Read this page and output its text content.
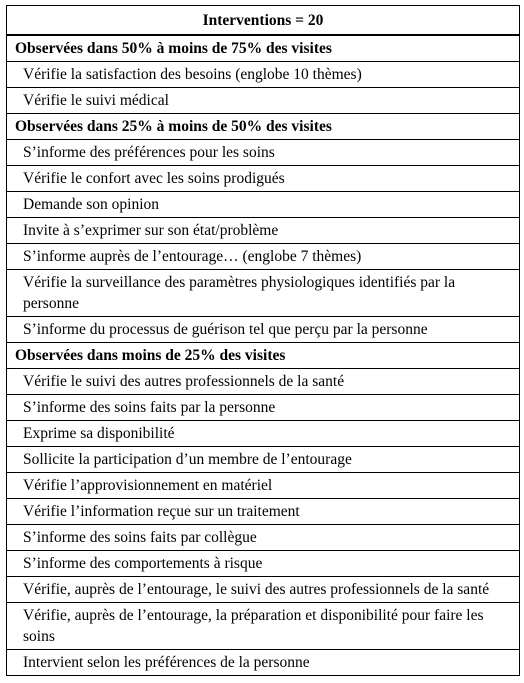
Interventions = 20
Observées dans 50% à moins de 75% des visites
Vérifie la satisfaction des besoins (englobe 10 thèmes)
Vérifie le suivi médical
Observées dans 25% à moins de 50% des visites
S’informe des préférences pour les soins
Vérifie le confort avec les soins prodigués
Demande son opinion
Invite à s’exprimer sur son état/problème
S’informe auprès de l’entourage… (englobe 7 thèmes)
Vérifie la surveillance des paramètres physiologiques identifiés par la personne
S’informe du processus de guérison tel que perçu par la personne
Observées dans moins de 25% des visites
Vérifie le suivi des autres professionnels de la santé
S’informe des soins faits par la personne
Exprime sa disponibilité
Sollicite la participation d’un membre de l’entourage
Vérifie l’approvisionnement en matériel
Vérifie l’information reçue sur un traitement
S’informe des soins faits par collègue
S’informe des comportements à risque
Vérifie, auprès de l’entourage, le suivi des autres professionnels de la santé
Vérifie, auprès de l’entourage, la préparation et disponibilité pour faire les soins
Intervient selon les préférences de la personne
